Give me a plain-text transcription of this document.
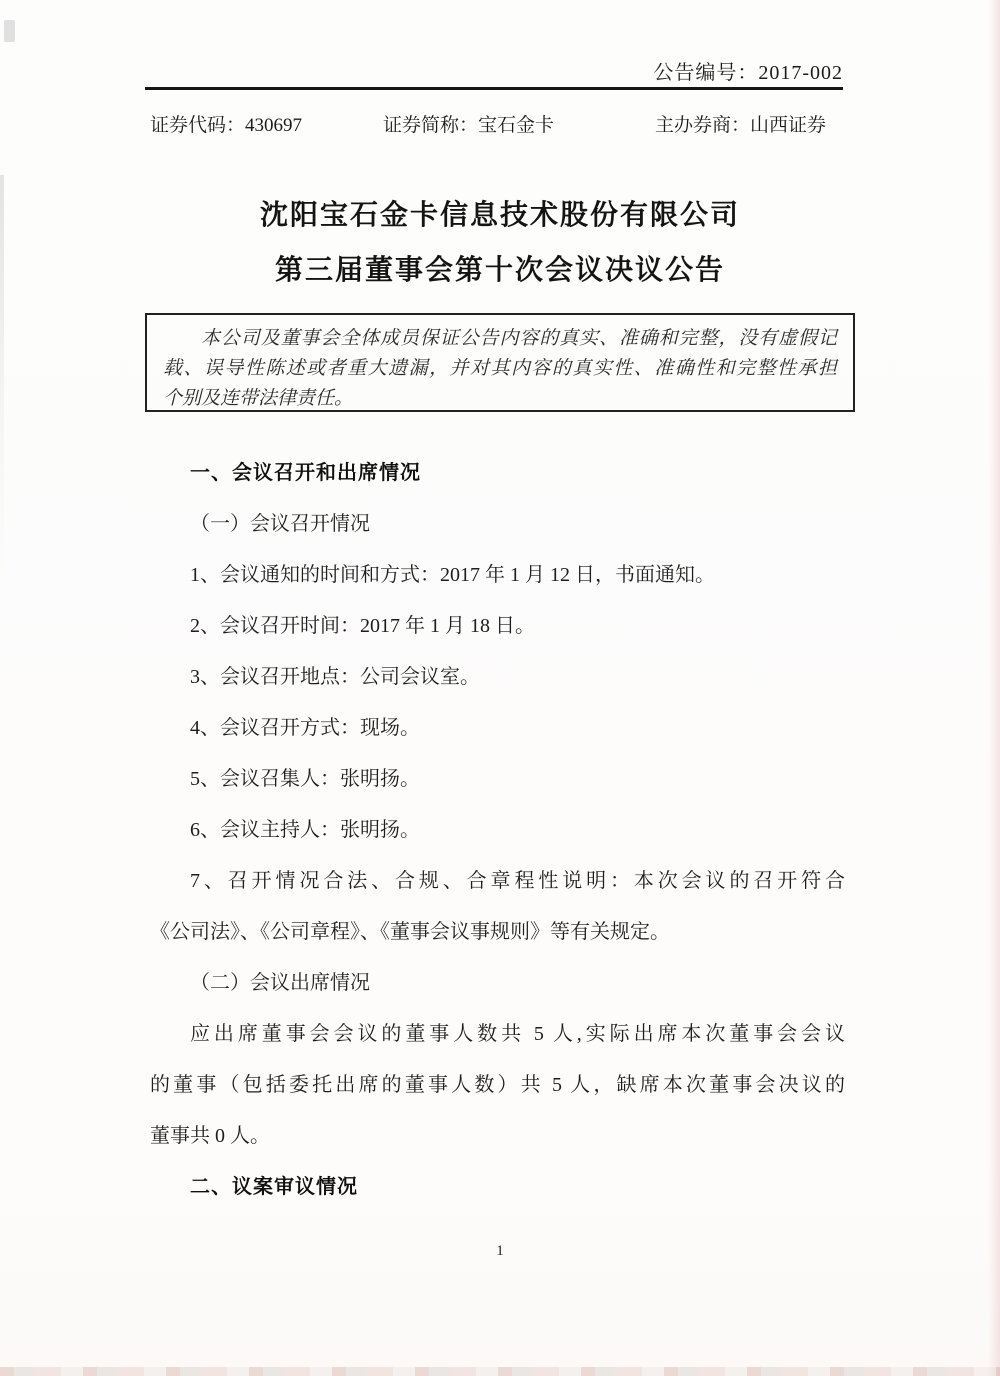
公告编号：2017-002
证券代码：430697	证券简称：宝石金卡	主办券商：山西证券
沈阳宝石金卡信息技术股份有限公司
第三届董事会第十次会议决议公告
本公司及董事会全体成员保证公告内容的真实、准确和完整，没有虚假记
载、误导性陈述或者重大遗漏，并对其内容的真实性、准确性和完整性承担
个别及连带法律责任。
一、会议召开和出席情况
（一）会议召开情况
1、会议通知的时间和方式：2017 年 1 月 12 日，书面通知。
2、会议召开时间：2017 年 1 月 18 日。
3、会议召开地点：公司会议室。
4、会议召开方式：现场。
5、会议召集人：张明扬。
6、会议主持人：张明扬。
7、召开情况合法、合规、合章程性说明：本次会议的召开符合
《公司法》、《公司章程》、《董事会议事规则》等有关规定。
（二）会议出席情况
应出席董事会会议的董事人数共 5 人,实际出席本次董事会会议
的董事（包括委托出席的董事人数）共 5 人，缺席本次董事会决议的
董事共 0 人。
二、议案审议情况
1
